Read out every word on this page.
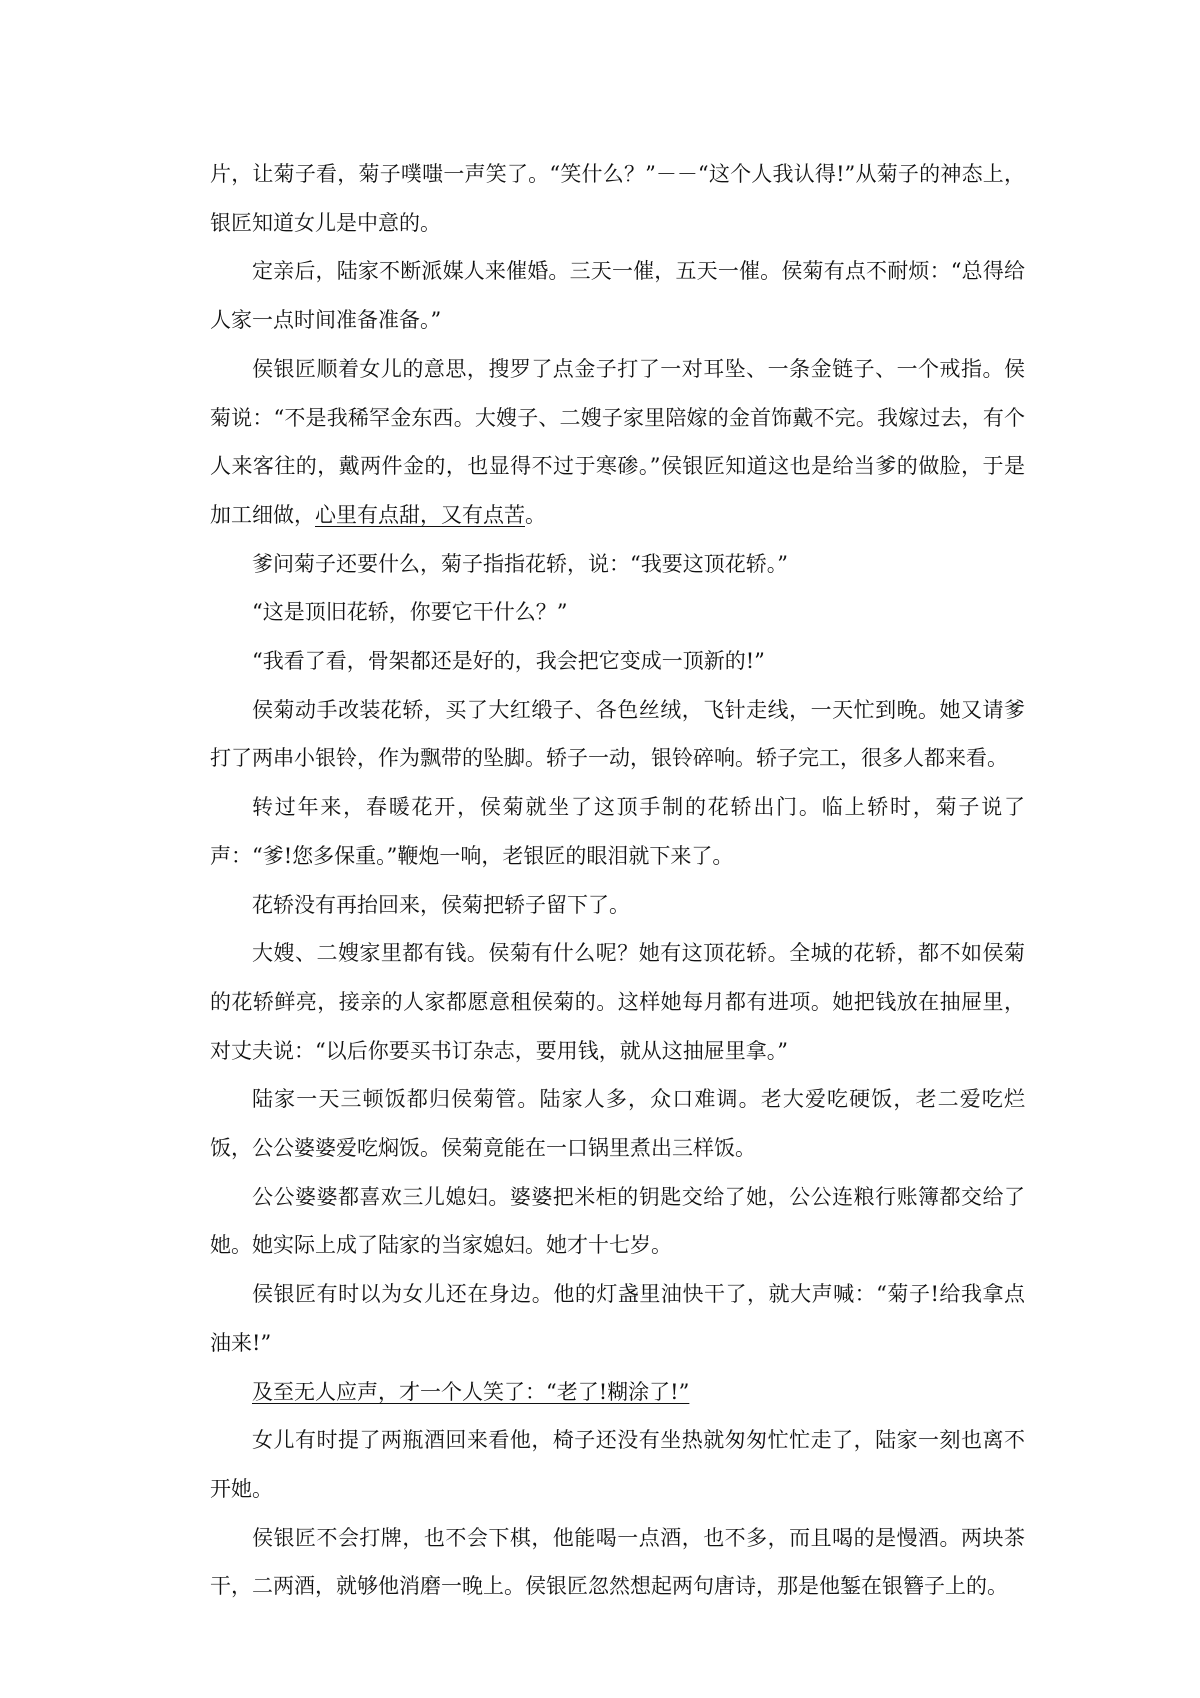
片，让菊子看，菊子噗嗤一声笑了。“笑什么？”－－“这个人我认得!”从菊子的神态上，银匠知道女儿是中意的。

定亲后，陆家不断派媒人来催婚。三天一催，五天一催。侯菊有点不耐烦：“总得给人家一点时间准备准备。”

侯银匠顺着女儿的意思，搜罗了点金子打了一对耳坠、一条金链子、一个戒指。侯菊说：“不是我稀罕金东西。大嫂子、二嫂子家里陪嫁的金首饰戴不完。我嫁过去，有个人来客往的，戴两件金的，也显得不过于寒碜。”侯银匠知道这也是给当爹的做脸，于是加工细做，心里有点甜，又有点苦。

爹问菊子还要什么，菊子指指花轿，说：“我要这顶花轿。”

“这是顶旧花轿，你要它干什么？”

“我看了看，骨架都还是好的，我会把它变成一顶新的!”

侯菊动手改装花轿，买了大红缎子、各色丝绒，飞针走线，一天忙到晚。她又请爹打了两串小银铃，作为飘带的坠脚。轿子一动，银铃碎响。轿子完工，很多人都来看。

转过年来，春暖花开，侯菊就坐了这顶手制的花轿出门。临上轿时，菊子说了声：“爹!您多保重。”鞭炮一响，老银匠的眼泪就下来了。

花轿没有再抬回来，侯菊把轿子留下了。

大嫂、二嫂家里都有钱。侯菊有什么呢？她有这顶花轿。全城的花轿，都不如侯菊的花轿鲜亮，接亲的人家都愿意租侯菊的。这样她每月都有进项。她把钱放在抽屉里，对丈夫说：“以后你要买书订杂志，要用钱，就从这抽屉里拿。”

陆家一天三顿饭都归侯菊管。陆家人多，众口难调。老大爱吃硬饭，老二爱吃烂饭，公公婆婆爱吃焖饭。侯菊竟能在一口锅里煮出三样饭。

公公婆婆都喜欢三儿媳妇。婆婆把米柜的钥匙交给了她，公公连粮行账簿都交给了她。她实际上成了陆家的当家媳妇。她才十七岁。

侯银匠有时以为女儿还在身边。他的灯盏里油快干了，就大声喊：“菊子!给我拿点油来!”

及至无人应声，才一个人笑了：“老了!糊涂了!”

女儿有时提了两瓶酒回来看他，椅子还没有坐热就匆匆忙忙走了，陆家一刻也离不开她。

侯银匠不会打牌，也不会下棋，他能喝一点酒，也不多，而且喝的是慢酒。两块茶干，二两酒，就够他消磨一晚上。侯银匠忽然想起两句唐诗，那是他錾在银簪子上的。
